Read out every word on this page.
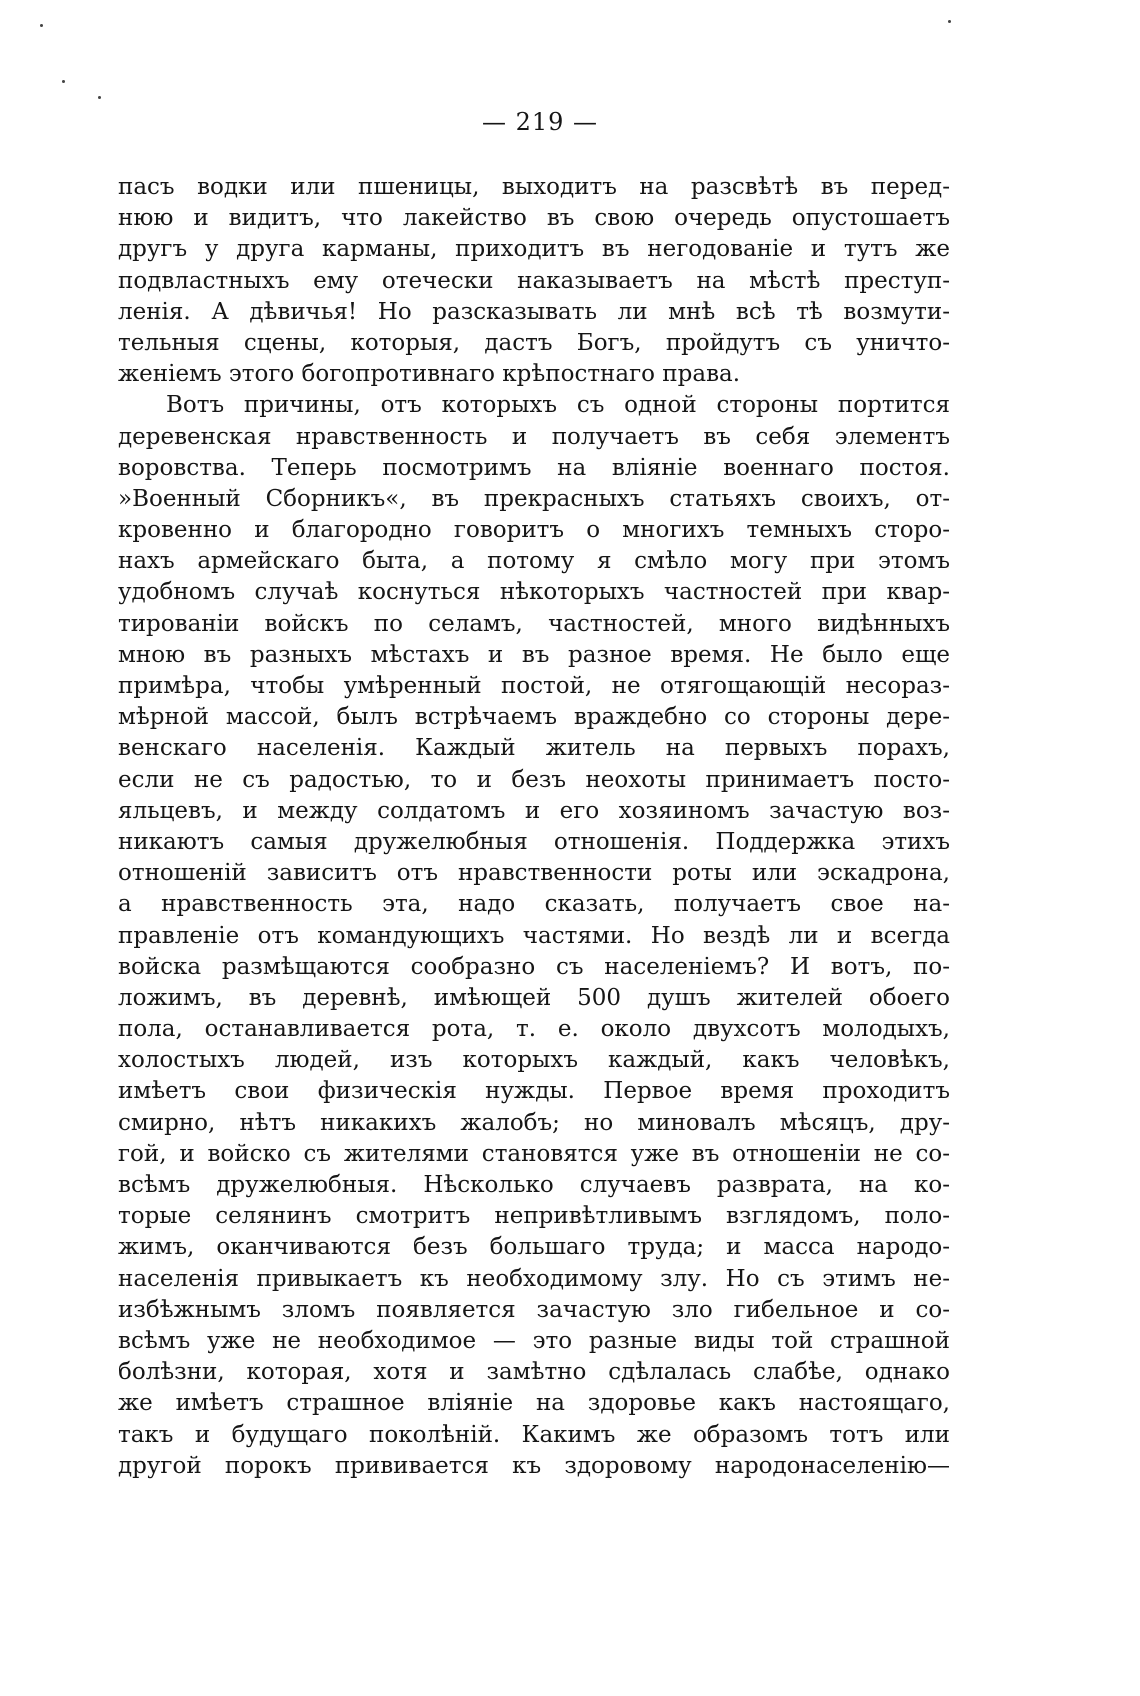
— 219 —
пасъ водки или пшеницы, выходитъ на разсвѣтѣ въ перед-
нюю и видитъ, что лакейство въ свою очередь опустошаетъ
другъ у друга карманы, приходитъ въ негодованіе и тутъ же
подвластныхъ ему отечески наказываетъ на мѣстѣ преступ-
ленія. А дѣвичья! Но разсказывать ли мнѣ всѣ тѣ возмути-
тельныя сцены, которыя, дастъ Богъ, пройдутъ съ уничто-
женіемъ этого богопротивнаго крѣпостнаго права.
Вотъ причины, отъ которыхъ съ одной стороны портится
деревенская нравственность и получаетъ въ себя элементъ
воровства. Теперь посмотримъ на вліяніе военнаго постоя.
»Военный Сборникъ«, въ прекрасныхъ статьяхъ своихъ, от-
кровенно и благородно говоритъ о многихъ темныхъ сторо-
нахъ армейскаго быта, а потому я смѣло могу при этомъ
удобномъ случаѣ коснуться нѣкоторыхъ частностей при квар-
тированіи войскъ по селамъ, частностей, много видѣнныхъ
мною въ разныхъ мѣстахъ и въ разное время. Не было еще
примѣра, чтобы умѣренный постой, не отягощающій несораз-
мѣрной массой, былъ встрѣчаемъ враждебно со стороны дере-
венскаго населенія. Каждый житель на первыхъ порахъ,
если не съ радостью, то и безъ неохоты принимаетъ посто-
яльцевъ, и между солдатомъ и его хозяиномъ зачастую воз-
никаютъ самыя дружелюбныя отношенія. Поддержка этихъ
отношеній зависитъ отъ нравственности роты или эскадрона,
а нравственность эта, надо сказать, получаетъ свое на-
правленіе отъ командующихъ частями. Но вездѣ ли и всегда
войска размѣщаются сообразно съ населеніемъ? И вотъ, по-
ложимъ, въ деревнѣ, имѣющей 500 душъ жителей обоего
пола, останавливается рота, т. е. около двухсотъ молодыхъ,
холостыхъ людей, изъ которыхъ каждый, какъ человѣкъ,
имѣетъ свои физическія нужды. Первое время проходитъ
смирно, нѣтъ никакихъ жалобъ; но миновалъ мѣсяцъ, дру-
гой, и войско съ жителями становятся уже въ отношеніи не со-
всѣмъ дружелюбныя. Нѣсколько случаевъ разврата, на ко-
торые селянинъ смотритъ непривѣтливымъ взглядомъ, поло-
жимъ, оканчиваются безъ большаго труда; и масса народо-
населенія привыкаетъ къ необходимому злу. Но съ этимъ не-
избѣжнымъ зломъ появляется зачастую зло гибельное и со-
всѣмъ уже не необходимое — это разные виды той страшной
болѣзни, которая, хотя и замѣтно сдѣлалась слабѣе, однако
же имѣетъ страшное вліяніе на здоровье какъ настоящаго,
такъ и будущаго поколѣній. Какимъ же образомъ тотъ или
другой порокъ прививается къ здоровому народонаселенію—
